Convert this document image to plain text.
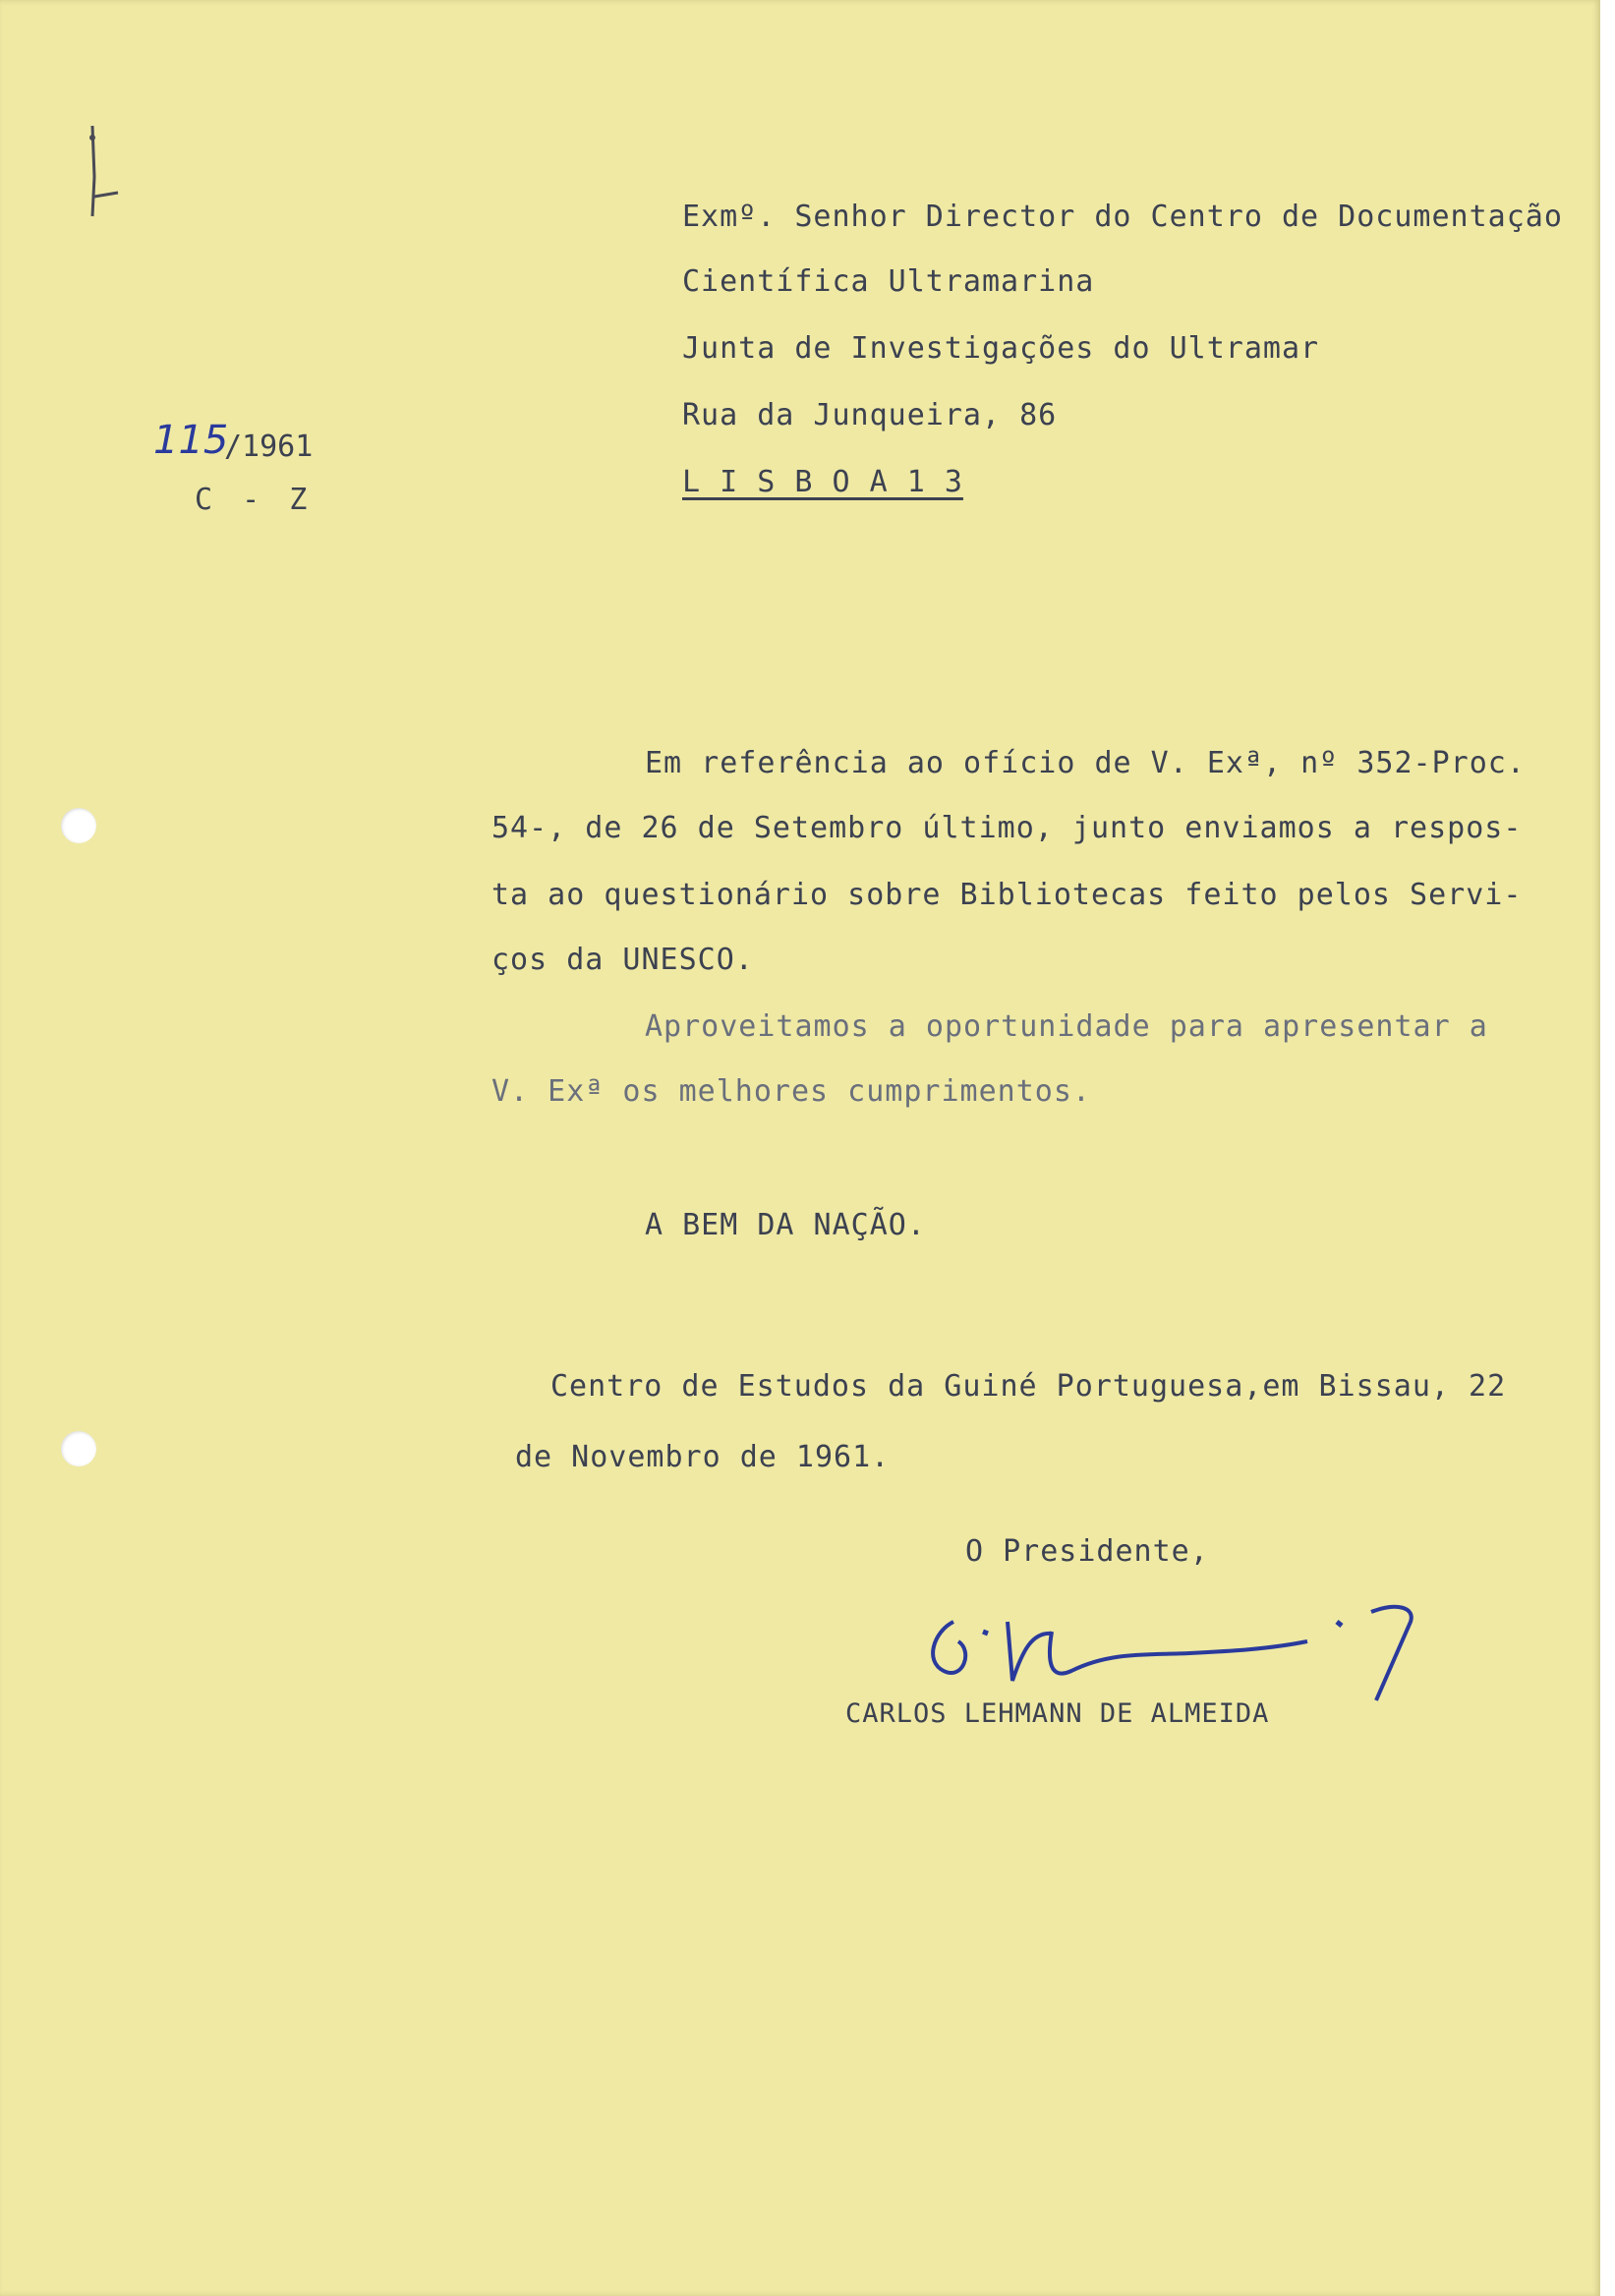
115
/1961
C - Z
Exmº. Senhor Director do Centro de Documentação
Científica Ultramarina
Junta de Investigações do Ultramar
Rua da Junqueira, 86
L I S B O A 1 3
Em referência ao ofício de V. Exª, nº 352-Proc.
54-, de 26 de Setembro último, junto enviamos a respos-
ta ao questionário sobre Bibliotecas feito pelos Servi-
ços da UNESCO.
Aproveitamos a oportunidade para apresentar a
V. Exª os melhores cumprimentos.
A BEM DA NAÇÃO.
Centro de Estudos da Guiné Portuguesa,em Bissau, 22
de Novembro de 1961.
O Presidente,
CARLOS LEHMANN DE ALMEIDA
